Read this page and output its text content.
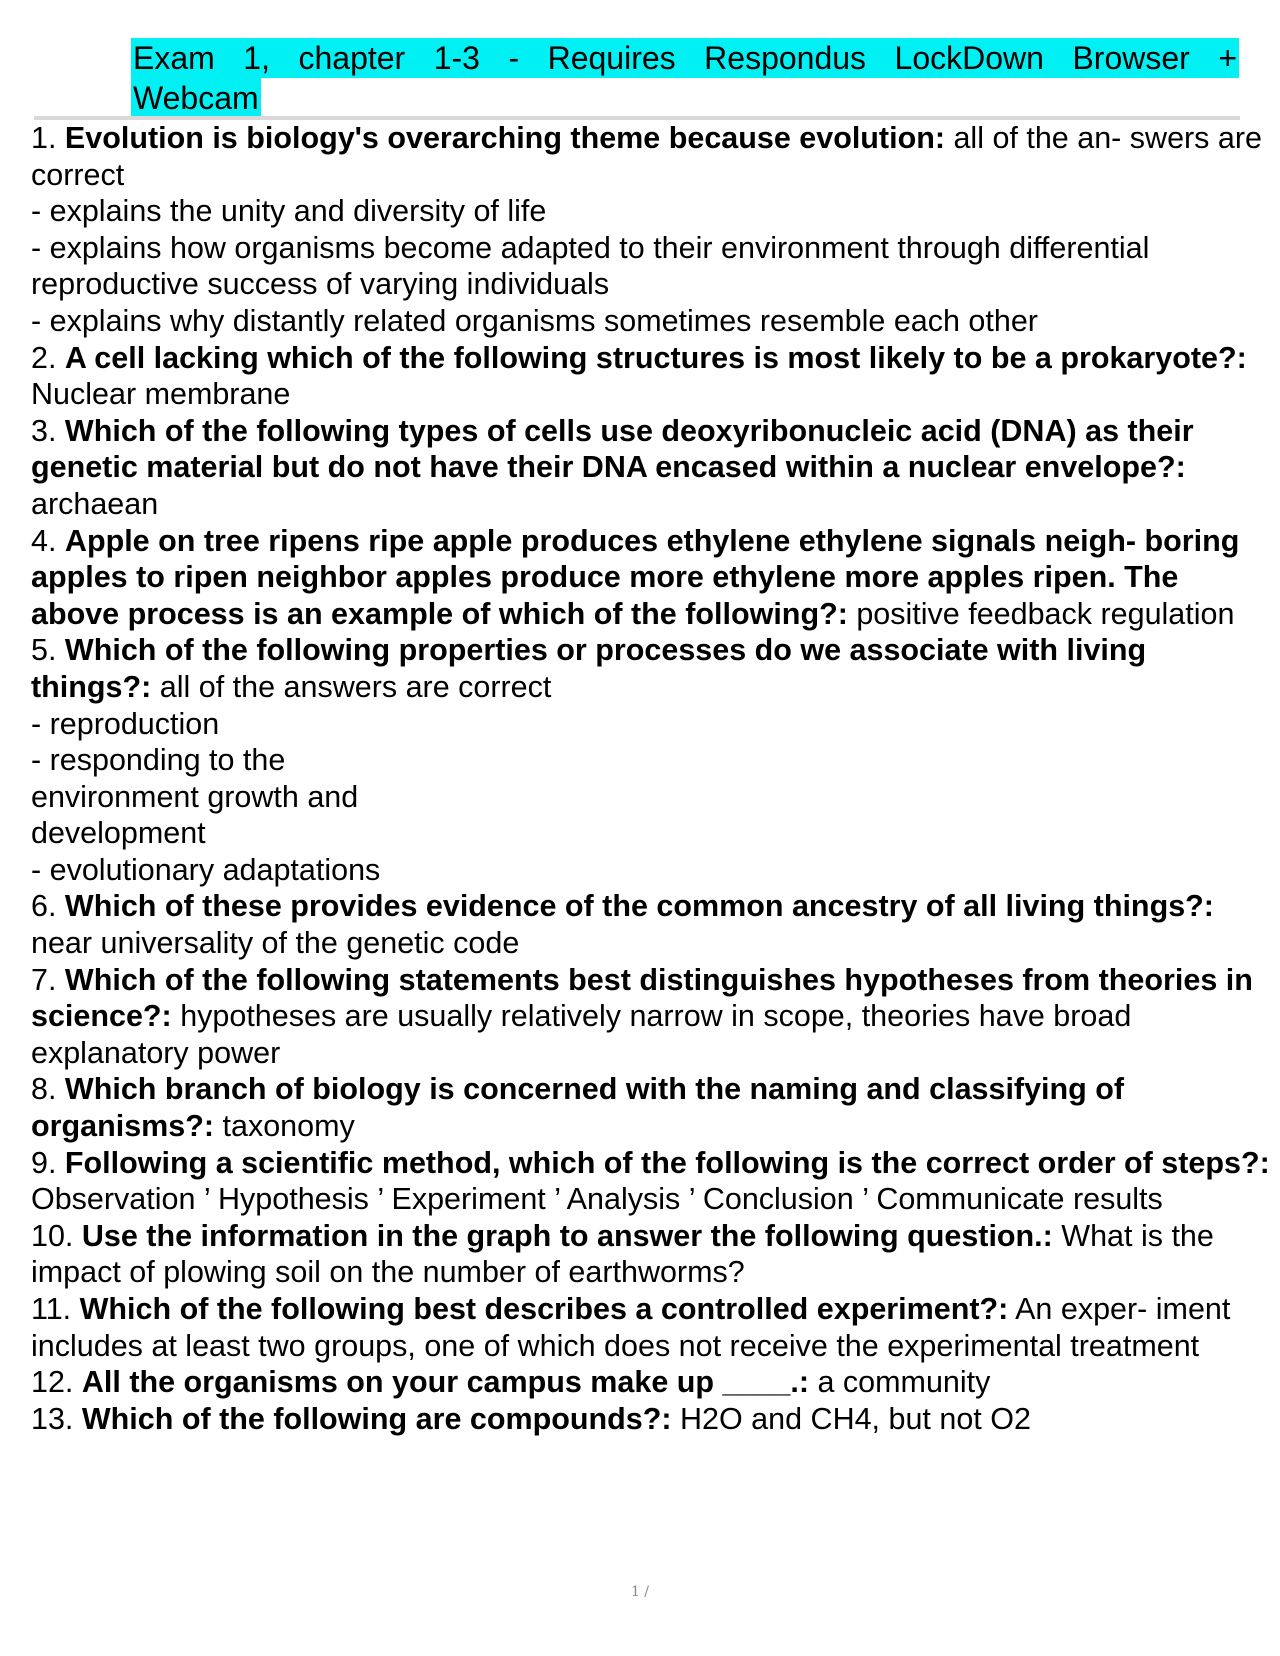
Exam 1, chapter 1-3 - Requires Respondus LockDown Browser +
Webcam

1. Evolution is biology's overarching theme because evolution: all of the an- swers are correct

- explains the unity and diversity of life

- explains how organisms become adapted to their environment through differential reproductive success of varying individuals

- explains why distantly related organisms sometimes resemble each other

2. A cell lacking which of the following structures is most likely to be a prokaryote?: Nuclear membrane

3. Which of the following types of cells use deoxyribonucleic acid (DNA) as their genetic material but do not have their DNA encased within a nuclear envelope?: archaean

4. Apple on tree ripens ripe apple produces ethylene ethylene signals neigh- boring apples to ripen neighbor apples produce more ethylene more apples ripen. The above process is an example of which of the following?: positive feedback regulation

5. Which of the following properties or processes do we associate with living things?: all of the answers are correct

- reproduction

- responding to the

environment growth and

development

- evolutionary adaptations

6. Which of these provides evidence of the common ancestry of all living things?: near universality of the genetic code

7. Which of the following statements best distinguishes hypotheses from theories in science?: hypotheses are usually relatively narrow in scope, theories have broad explanatory power

8. Which branch of biology is concerned with the naming and classifying of organisms?: taxonomy

9. Following a scientific method, which of the following is the correct order of steps?: Observation ’ Hypothesis ’ Experiment ’ Analysis ’ Conclusion ’ Communicate results

10. Use the information in the graph to answer the following question.: What is the impact of plowing soil on the number of earthworms?

11. Which of the following best describes a controlled experiment?: An exper- iment includes at least two groups, one of which does not receive the experimental treatment

12. All the organisms on your campus make up ____.: a community

13. Which of the following are compounds?: H2O and CH4, but not O2

1 /
